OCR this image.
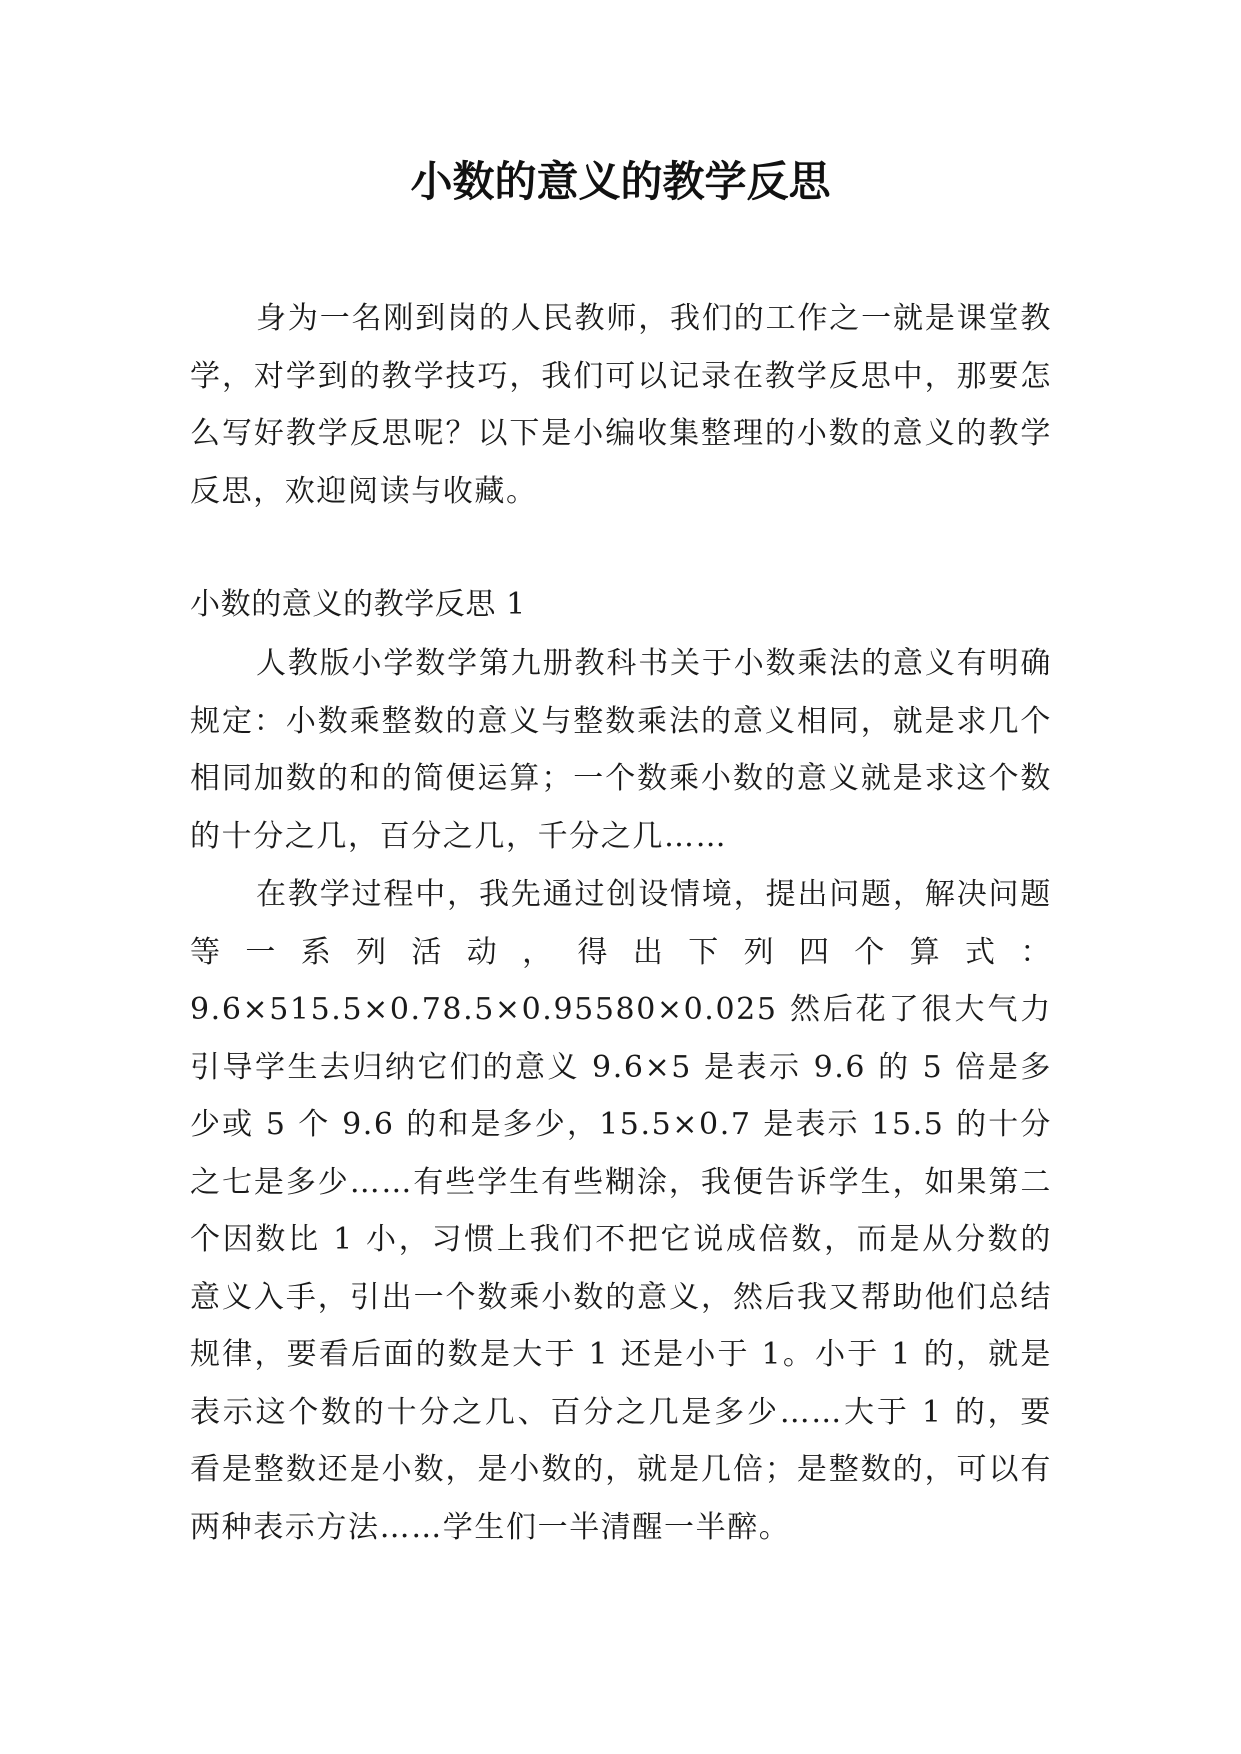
小数的意义的教学反思

身为一名刚到岗的人民教师，我们的工作之一就是课堂教学，对学到的教学技巧，我们可以记录在教学反思中，那要怎么写好教学反思呢？以下是小编收集整理的小数的意义的教学反思，欢迎阅读与收藏。

小数的意义的教学反思 1

人教版小学数学第九册教科书关于小数乘法的意义有明确规定：小数乘整数的意义与整数乘法的意义相同，就是求几个相同加数的和的简便运算；一个数乘小数的意义就是求这个数的十分之几，百分之几，千分之几……

在教学过程中，我先通过创设情境，提出问题，解决问题等一系列活动，得出下列四个算式：9.6×515.5×0.78.5×0.95580×0.025 然后花了很大气力引导学生去归纳它们的意义 9.6×5 是表示 9.6 的 5 倍是多少或 5 个 9.6 的和是多少，15.5×0.7 是表示 15.5 的十分之七是多少……有些学生有些糊涂，我便告诉学生，如果第二个因数比 1 小，习惯上我们不把它说成倍数，而是从分数的意义入手，引出一个数乘小数的意义，然后我又帮助他们总结规律，要看后面的数是大于 1 还是小于 1。小于 1 的，就是表示这个数的十分之几、百分之几是多少……大于 1 的，要看是整数还是小数，是小数的，就是几倍；是整数的，可以有两种表示方法……学生们一半清醒一半醉。
